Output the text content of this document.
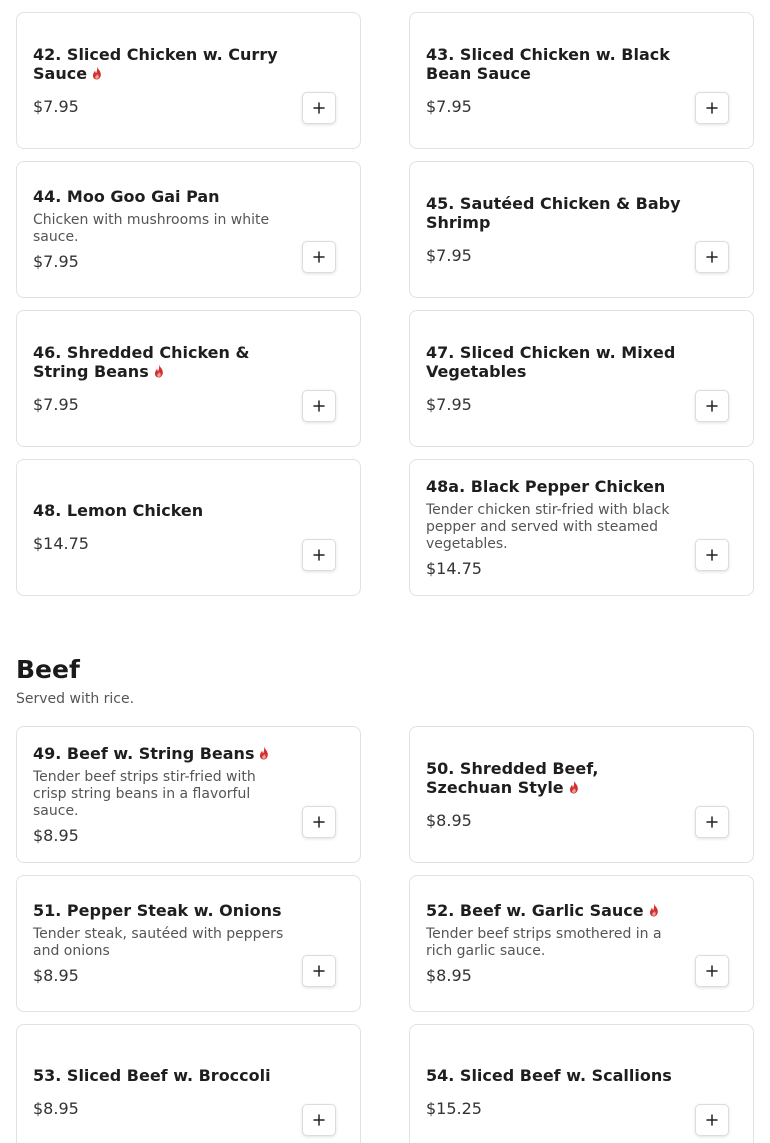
42. Sliced Chicken w. Curry Sauce
$7.95
43. Sliced Chicken w. Black Bean Sauce
$7.95
44. Moo Goo Gai Pan
Chicken with mushrooms in white sauce.
$7.95
45. Sautéed Chicken & Baby Shrimp
$7.95
46. Shredded Chicken & String Beans
$7.95
47. Sliced Chicken w. Mixed Vegetables
$7.95
48. Lemon Chicken
$14.75
48a. Black Pepper Chicken
Tender chicken stir-fried with black pepper and served with steamed vegetables.
$14.75
Beef
Served with rice.
49. Beef w. String Beans
Tender beef strips stir-fried with crisp string beans in a flavorful sauce.
$8.95
50. Shredded Beef, Szechuan Style
$8.95
51. Pepper Steak w. Onions
Tender steak, sautéed with peppers and onions
$8.95
52. Beef w. Garlic Sauce
Tender beef strips smothered in a rich garlic sauce.
$8.95
53. Sliced Beef w. Broccoli
$8.95
54. Sliced Beef w. Scallions
$15.25
